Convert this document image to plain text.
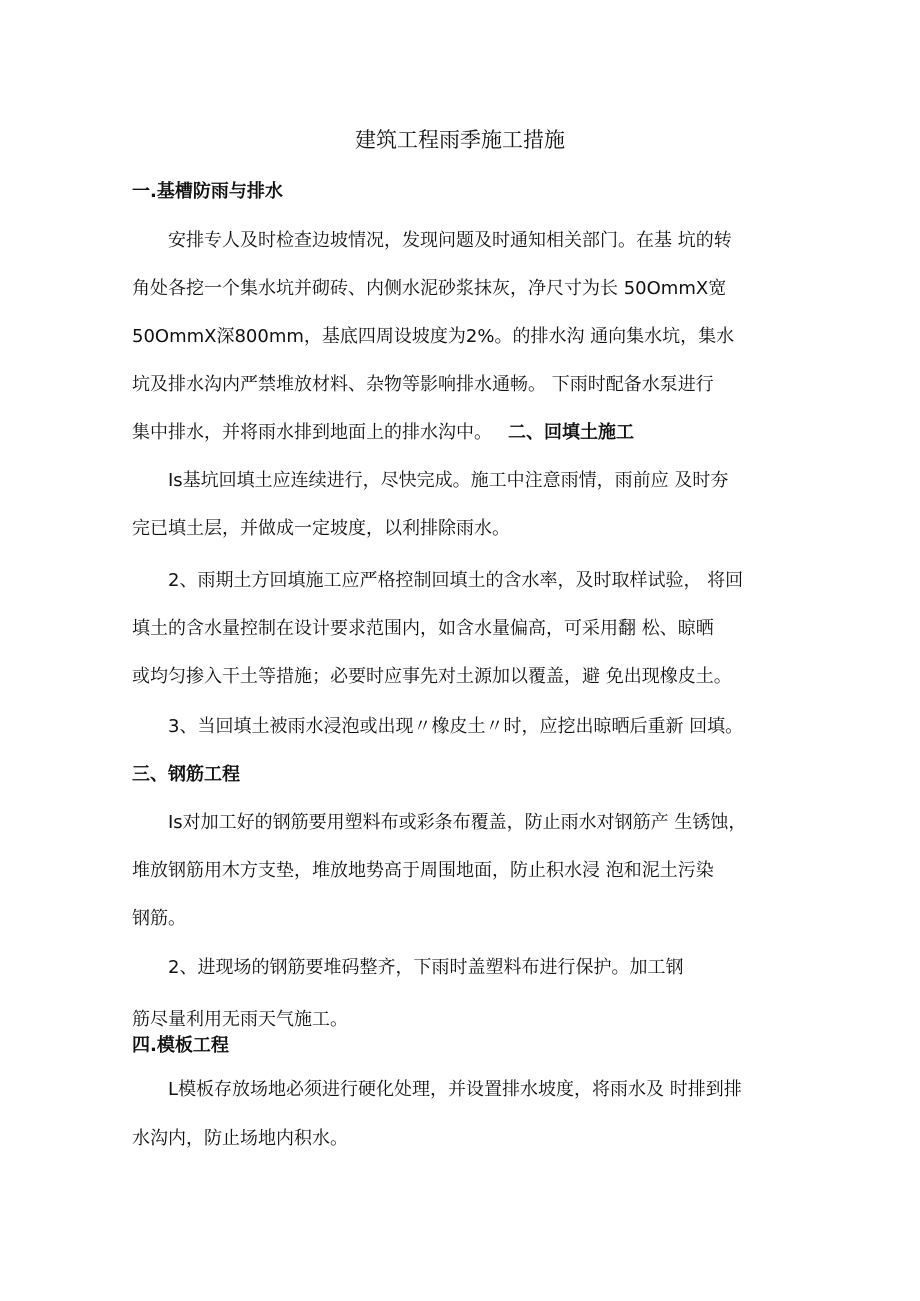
建筑工程雨季施工措施
一.基槽防雨与排水

安排专人及时检查边坡情况，发现问题及时通知相关部门。在基 坑的转

角处各挖一个集水坑并砌砖、内侧水泥砂浆抹灰，净尺寸为长 50OmmX宽

50OmmX深800mm，基底四周设坡度为2%。的排水沟 通向集水坑，集水

坑及排水沟内严禁堆放材料、杂物等影响排水通畅。 下雨时配备水泵进行

集中排水，并将雨水排到地面上的排水沟中。 二、回填土施工

Is基坑回填土应连续进行，尽快完成。施工中注意雨情，雨前应 及时夯

完已填土层，并做成一定坡度，以利排除雨水。

2、雨期土方回填施工应严格控制回填土的含水率，及时取样试验， 将回

填土的含水量控制在设计要求范围内，如含水量偏高，可采用翻 松、晾晒

或均匀掺入干土等措施；必要时应事先对土源加以覆盖，避 免出现橡皮土。

3、当回填土被雨水浸泡或出现〃橡皮土〃时，应挖出晾晒后重新 回填。

三、钢筋工程

Is对加工好的钢筋要用塑料布或彩条布覆盖，防止雨水对钢筋产 生锈蚀，

堆放钢筋用木方支垫，堆放地势高于周围地面，防止积水浸 泡和泥土污染

钢筋。

2、进现场的钢筋要堆码整齐，下雨时盖塑料布进行保护。加工钢

筋尽量利用无雨天气施工。

四.模板工程

L模板存放场地必须进行硬化处理，并设置排水坡度，将雨水及 时排到排

水沟内，防止场地内积水。
